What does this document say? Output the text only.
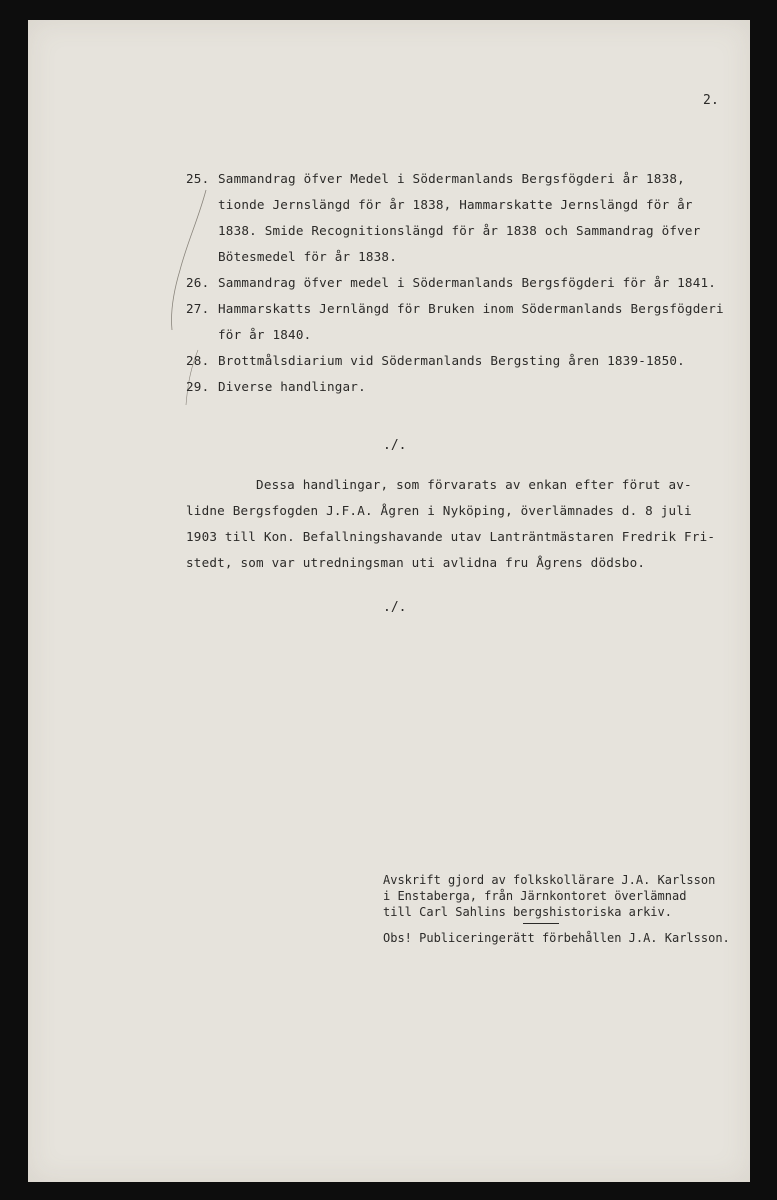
2.
25. Sammandrag öfver Medel i Södermanlands Bergsfögderi år 1838,
tionde Jernslängd för år 1838, Hammarskatte Jernslängd för år
1838. Smide Recognitionslängd för år 1838 och Sammandrag öfver
Bötesmedel för år 1838.
26. Sammandrag öfver medel i Södermanlands Bergsfögderi för år 1841.
27. Hammarskatts Jernlängd för Bruken inom Södermanlands Bergsfögderi
för år 1840.
28. Brottmålsdiarium vid Södermanlands Bergsting åren 1839-1850.
29. Diverse handlingar.
./.
Dessa handlingar, som förvarats av enkan efter förut av-
lidne Bergsfogden J.F.A. Ågren i Nyköping, överlämnades d. 8 juli
1903 till Kon. Befallningshavande utav Lanträntmästaren Fredrik Fri-
stedt, som var utredningsman uti avlidna fru Ågrens dödsbo.
./.
Avskrift gjord av folkskollärare J.A. Karlsson
i Enstaberga, från Järnkontoret överlämnad
till Carl Sahlins bergshistoriska arkiv.
Obs! Publiceringerätt förbehållen J.A. Karlsson.
